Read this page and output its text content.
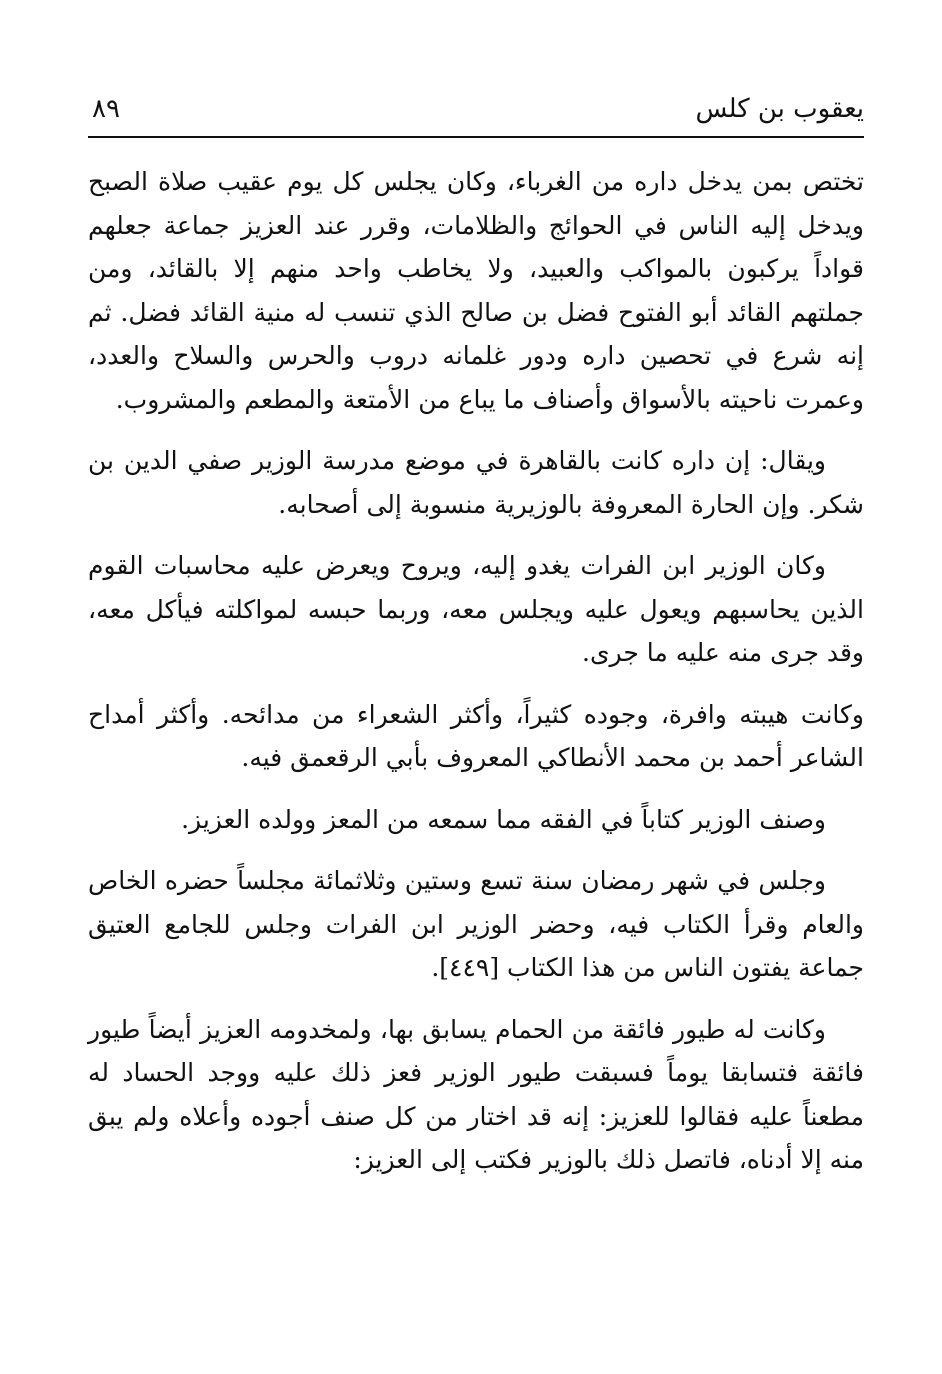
يعقوب بن كلس
٨٩

تختص بمن يدخل داره من الغرباء، وكان يجلس كل يوم عقيب صلاة الصبح ويدخل إليه الناس في الحوائج والظلامات، وقرر عند العزيز جماعة جعلهم قواداً يركبون بالمواكب والعبيد، ولا يخاطب واحد منهم إلا بالقائد، ومن جملتهم القائد أبو الفتوح فضل بن صالح الذي تنسب له منية القائد فضل. ثم إنه شرع في تحصين داره ودور غلمانه دروب والحرس والسلاح والعدد، وعمرت ناحيته بالأسواق وأصناف ما يباع من الأمتعة والمطعم والمشروب.

ويقال: إن داره كانت بالقاهرة في موضع مدرسة الوزير صفي الدين بن شكر. وإن الحارة المعروفة بالوزيرية منسوبة إلى أصحابه.

وكان الوزير ابن الفرات يغدو إليه، ويروح ويعرض عليه محاسبات القوم الذين يحاسبهم ويعول عليه ويجلس معه، وربما حبسه لمواكلته فيأكل معه، وقد جرى منه عليه ما جرى.

وكانت هيبته وافرة، وجوده كثيراً، وأكثر الشعراء من مدائحه. وأكثر أمداح الشاعر أحمد بن محمد الأنطاكي المعروف بأبي الرقعمق فيه.

وصنف الوزير كتاباً في الفقه مما سمعه من المعز وولده العزيز.

وجلس في شهر رمضان سنة تسع وستين وثلاثمائة مجلساً حضره الخاص والعام وقرأ الكتاب فيه، وحضر الوزير ابن الفرات وجلس للجامع العتيق جماعة يفتون الناس من هذا الكتاب [٤٤٩].

وكانت له طيور فائقة من الحمام يسابق بها، ولمخدومه العزيز أيضاً طيور فائقة فتسابقا يوماً فسبقت طيور الوزير فعز ذلك عليه ووجد الحساد له مطعناً عليه فقالوا للعزيز: إنه قد اختار من كل صنف أجوده وأعلاه ولم يبق منه إلا أدناه، فاتصل ذلك بالوزير فكتب إلى العزيز:
